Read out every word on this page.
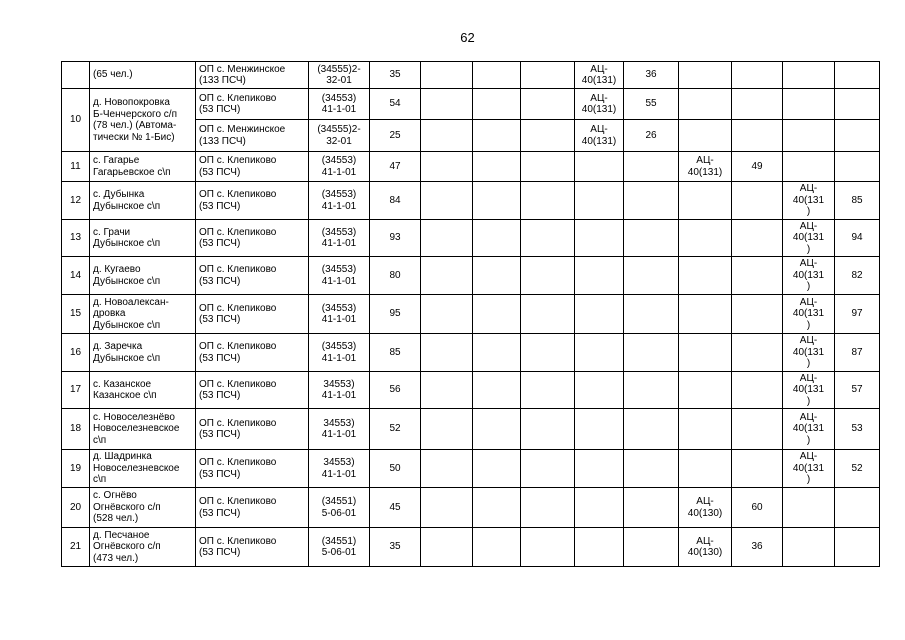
62

	(65 чел.)	ОП с. Менжинское
(133 ПСЧ)	(34555)2-
32-01	35				АЦ-
40(131)	36				

10	д. Новопокровка
Б-Ченчерского с/п
(78 чел.) (Автома-
тически № 1-Бис)	ОП с. Клепиково
(53 ПСЧ)	(34553)
41-1-01	54				АЦ-
40(131)	55				

		ОП с. Менжинское
(133 ПСЧ)	(34555)2-
32-01	25				АЦ-
40(131)	26				

11	с. Гагарье
Гагарьевское с\п	ОП с. Клепиково
(53 ПСЧ)	(34553)
41-1-01	47						АЦ-
40(131)	49		

12	с. Дубынка
Дубынское с\п	ОП с. Клепиково
(53 ПСЧ)	(34553)
41-1-01	84								АЦ-
40(131
)	85

13	с. Грачи
Дубынское с\п	ОП с. Клепиково
(53 ПСЧ)	(34553)
41-1-01	93								АЦ-
40(131
)	94

14	д. Кугаево
Дубынское с\п	ОП с. Клепиково
(53 ПСЧ)	(34553)
41-1-01	80								АЦ-
40(131
)	82

15	д. Новоалексан-
дровка
Дубынское с\п	ОП с. Клепиково
(53 ПСЧ)	(34553)
41-1-01	95								АЦ-
40(131
)	97

16	д. Заречка
Дубынское с\п	ОП с. Клепиково
(53 ПСЧ)	(34553)
41-1-01	85								АЦ-
40(131
)	87

17	с. Казанское
Казанское с\п	ОП с. Клепиково
(53 ПСЧ)	34553)
41-1-01	56								АЦ-
40(131
)	57

18	с. Новоселезнёво
Новоселезневское
с\п	ОП с. Клепиково
(53 ПСЧ)	34553)
41-1-01	52								АЦ-
40(131
)	53

19	д. Шадринка
Новоселезневское
с\п	ОП с. Клепиково
(53 ПСЧ)	34553)
41-1-01	50								АЦ-
40(131
)	52

20	с. Огнёво
Огнёвского с/п
(528 чел.)	ОП с. Клепиково
(53 ПСЧ)	(34551)
5-06-01	45						АЦ-
40(130)	60		

21	д. Песчаное
Огнёвского с/п
(473 чел.)	ОП с. Клепиково
(53 ПСЧ)	(34551)
5-06-01	35						АЦ-
40(130)	36		
